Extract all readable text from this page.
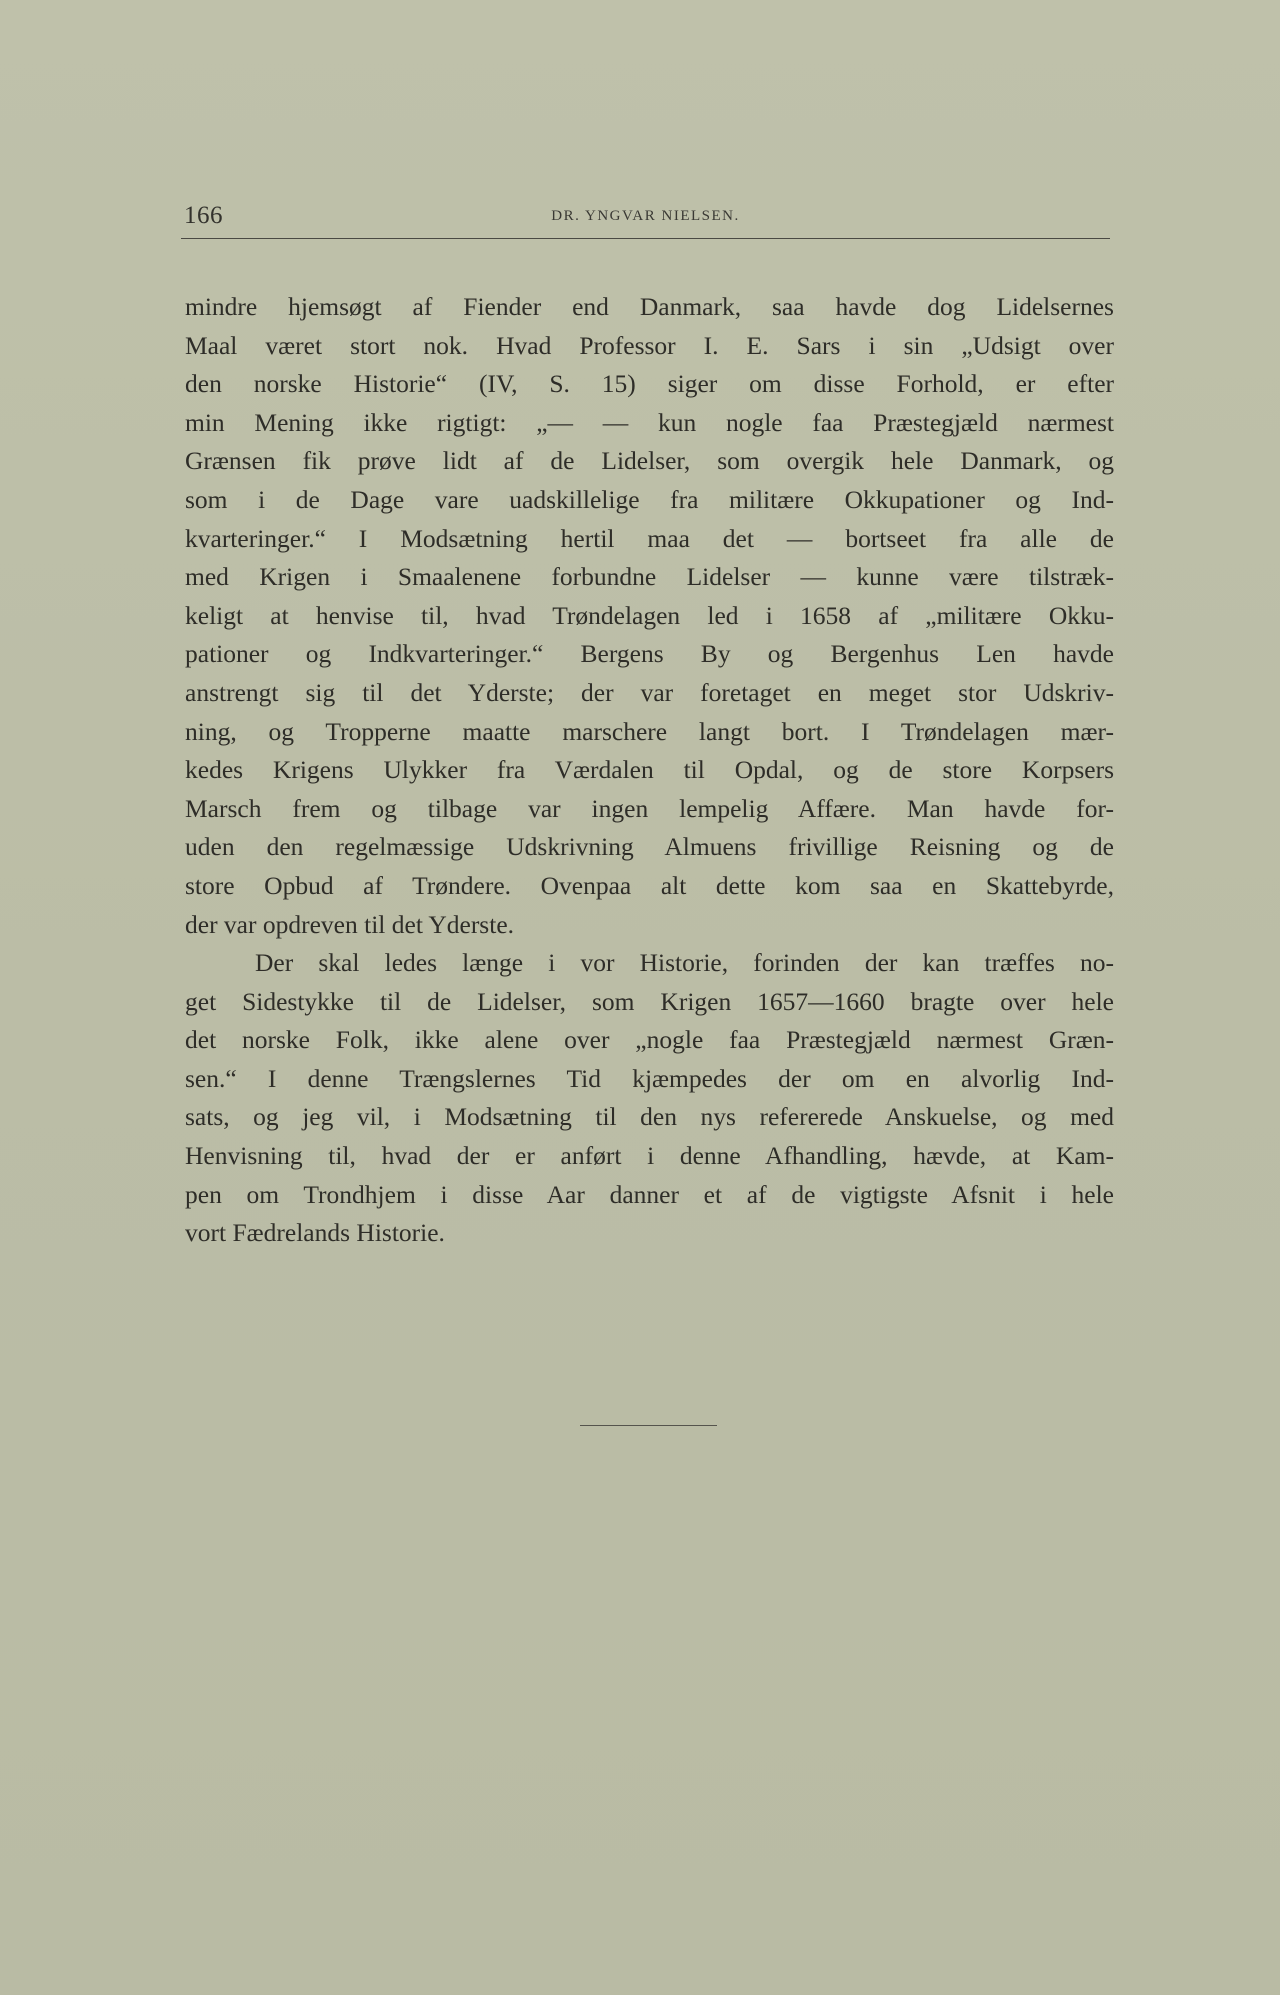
166	DR. YNGVAR NIELSEN.
mindre hjemsøgt af Fiender end Danmark, saa havde dog Lidelsernes
Maal været stort nok. Hvad Professor I. E. Sars i sin „Udsigt over
den norske Historie“ (IV, S. 15) siger om disse Forhold, er efter
min Mening ikke rigtigt: „— — kun nogle faa Præstegjæld nærmest
Grænsen fik prøve lidt af de Lidelser, som overgik hele Danmark, og
som i de Dage vare uadskillelige fra militære Okkupationer og Ind-
kvarteringer.“ I Modsætning hertil maa det — bortseet fra alle de
med Krigen i Smaalenene forbundne Lidelser — kunne være tilstræk-
keligt at henvise til, hvad Trøndelagen led i 1658 af „militære Okku-
pationer og Indkvarteringer.“ Bergens By og Bergenhus Len havde
anstrengt sig til det Yderste; der var foretaget en meget stor Udskriv-
ning, og Tropperne maatte marschere langt bort. I Trøndelagen mær-
kedes Krigens Ulykker fra Værdalen til Opdal, og de store Korpsers
Marsch frem og tilbage var ingen lempelig Affære. Man havde for-
uden den regelmæssige Udskrivning Almuens frivillige Reisning og de
store Opbud af Trøndere. Ovenpaa alt dette kom saa en Skattebyrde,
der var opdreven til det Yderste.
Der skal ledes længe i vor Historie, forinden der kan træffes no-
get Sidestykke til de Lidelser, som Krigen 1657—1660 bragte over hele
det norske Folk, ikke alene over „nogle faa Præstegjæld nærmest Græn-
sen.“ I denne Trængslernes Tid kjæmpedes der om en alvorlig Ind-
sats, og jeg vil, i Modsætning til den nys refererede Anskuelse, og med
Henvisning til, hvad der er anført i denne Afhandling, hævde, at Kam-
pen om Trondhjem i disse Aar danner et af de vigtigste Afsnit i hele
vort Fædrelands Historie.
